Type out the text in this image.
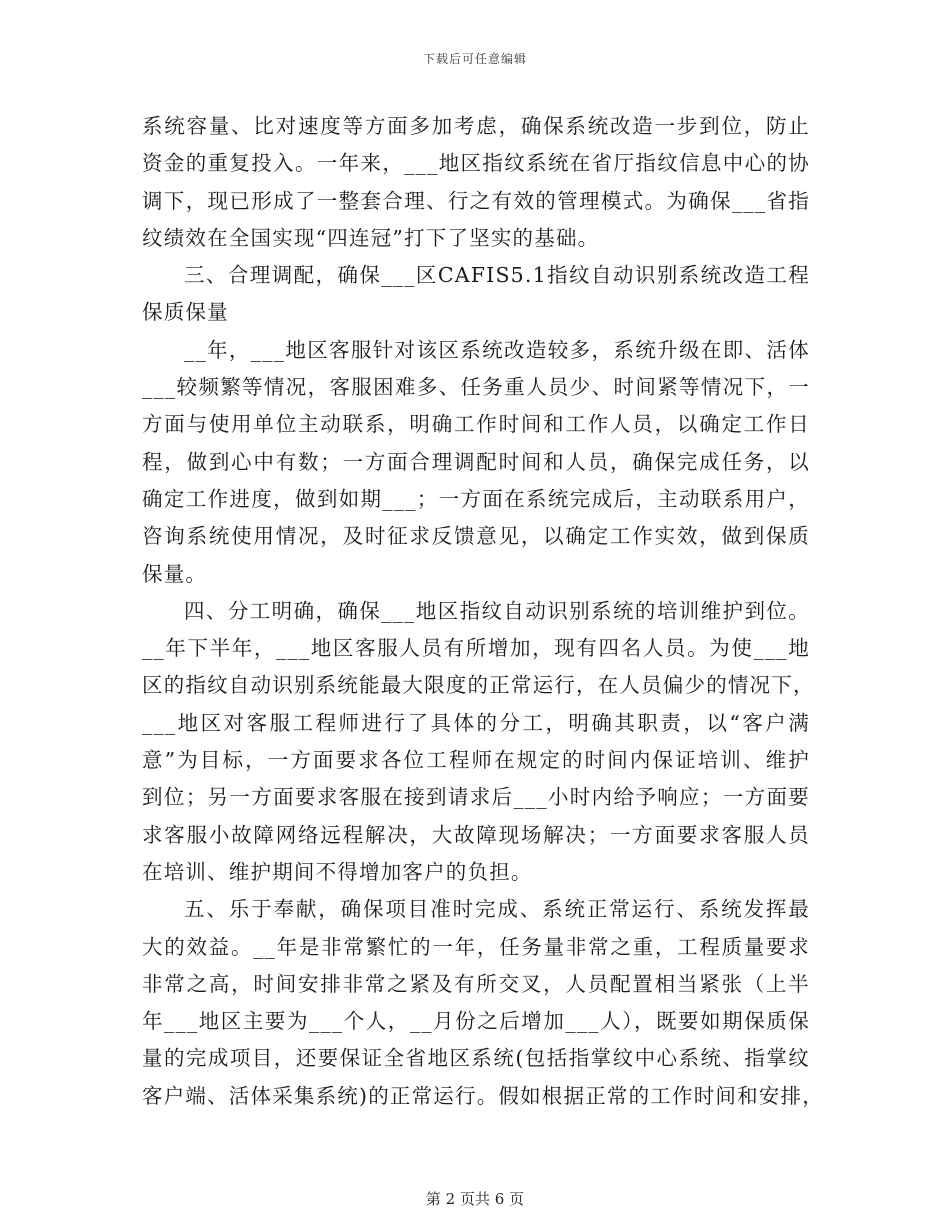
下载后可任意编辑
系统容量、比对速度等方面多加考虑，确保系统改造一步到位，防止
资金的重复投入。一年来，___地区指纹系统在省厅指纹信息中心的协
调下，现已形成了一整套合理、行之有效的管理模式。为确保___省指
纹绩效在全国实现“四连冠”打下了坚实的基础。
三、合理调配，确保___区CAFIS5.1指纹自动识别系统改造工程
保质保量
__年，___地区客服针对该区系统改造较多，系统升级在即、活体
___较频繁等情况，客服困难多、任务重人员少、时间紧等情况下，一
方面与使用单位主动联系，明确工作时间和工作人员，以确定工作日
程，做到心中有数；一方面合理调配时间和人员，确保完成任务，以
确定工作进度，做到如期___；一方面在系统完成后，主动联系用户，
咨询系统使用情况，及时征求反馈意见，以确定工作实效，做到保质
保量。
四、分工明确，确保___地区指纹自动识别系统的培训维护到位。
__年下半年，___地区客服人员有所增加，现有四名人员。为使___地
区的指纹自动识别系统能最大限度的正常运行，在人员偏少的情况下，
___地区对客服工程师进行了具体的分工，明确其职责，以“客户满
意”为目标，一方面要求各位工程师在规定的时间内保证培训、维护
到位；另一方面要求客服在接到请求后___小时内给予响应；一方面要
求客服小故障网络远程解决，大故障现场解决；一方面要求客服人员
在培训、维护期间不得增加客户的负担。
五、乐于奉献，确保项目准时完成、系统正常运行、系统发挥最
大的效益。__年是非常繁忙的一年，任务量非常之重，工程质量要求
非常之高，时间安排非常之紧及有所交叉，人员配置相当紧张（上半
年___地区主要为___个人，__月份之后增加___人），既要如期保质保
量的完成项目，还要保证全省地区系统(包括指掌纹中心系统、指掌纹
客户端、活体采集系统)的正常运行。假如根据正常的工作时间和安排，
第 2 页共 6 页
